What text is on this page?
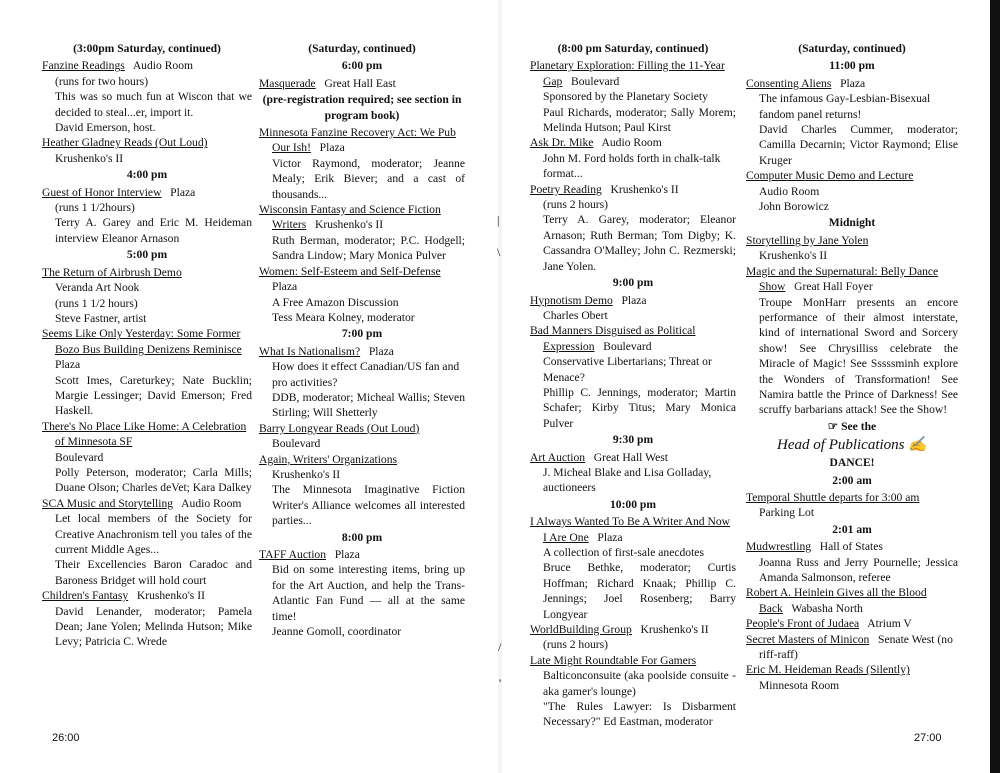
(3:00pm Saturday, continued)
Fanzine Readings Audio Room
(runs for two hours)
This was so much fun at Wiscon that we decided to steal...er, import it.
David Emerson, host.
Heather Gladney Reads (Out Loud)
Krushenko's II
4:00 pm
Guest of Honor Interview Plaza
(runs 1 1/2hours)
Terry A. Garey and Eric M. Heideman interview Eleanor Arnason
5:00 pm
The Return of Airbrush Demo
Veranda Art Nook
(runs 1 1/2 hours)
Steve Fastner, artist
Seems Like Only Yesterday: Some Former Bozo Bus Building Denizens Reminisce   Plaza
Scott Imes, Careturkey; Nate Bucklin; Margie Lessinger; David Emerson; Fred Haskell.
There's No Place Like Home: A Celebration of Minnesota SF
Boulevard
Polly Peterson, moderator; Carla Mills; Duane Olson; Charles deVet; Kara Dalkey
SCA Music and Storytelling Audio Room
Let local members of the Society for Creative Anachronism tell you tales of the current Middle Ages...
Their Excellencies Baron Caradoc and Baroness Bridget will hold court
Children's Fantasy Krushenko's II
David Lenander, moderator; Pamela Dean; Jane Yolen; Melinda Hutson; Mike Levy; Patricia C. Wrede
(Saturday, continued)
6:00 pm
Masquerade Great Hall East
(pre-registration required; see section in program book)
Minnesota Fanzine Recovery Act: We Pub Our Ish! Plaza
Victor Raymond, moderator; Jeanne Mealy; Erik Biever; and a cast of thousands...
Wisconsin Fantasy and Science Fiction Writers Krushenko's II
Ruth Berman, moderator; P.C. Hodgell; Sandra Lindow; Mary Monica Pulver
Women: Self-Esteem and Self-Defense
Plaza
A Free Amazon Discussion
Tess Meara Kolney, moderator
7:00 pm
What Is Nationalism? Plaza
How does it effect Canadian/US fan and pro activities?
DDB, moderator; Micheal Wallis; Steven Stirling; Will Shetterly
Barry Longyear Reads (Out Loud)
Boulevard
Again, Writers' Organizations
Krushenko's II
The Minnesota Imaginative Fiction Writer's Alliance welcomes all interested parties...
8:00 pm
TAFF Auction Plaza
Bid on some interesting items, bring up for the Art Auction, and help the Trans-Atlantic Fan Fund — all at the same time!
Jeanne Gomoll, coordinator
(8:00 pm Saturday, continued)
Planetary Exploration: Filling the 11-Year Gap Boulevard
Sponsored by the Planetary Society
Paul Richards, moderator; Sally Morem; Melinda Hutson; Paul Kirst
Ask Dr. Mike Audio Room
John M. Ford holds forth in chalk-talk format...
Poetry Reading Krushenko's II
(runs 2 hours)
Terry A. Garey, moderator; Eleanor Arnason; Ruth Berman; Tom Digby; K. Cassandra O'Malley; John C. Rezmerski; Jane Yolen.
9:00 pm
Hypnotism Demo Plaza
Charles Obert
Bad Manners Disguised as Political Expression Boulevard
Conservative Libertarians; Threat or Menace?
Phillip C. Jennings, moderator; Martin Schafer; Kirby Titus; Mary Monica Pulver
9:30 pm
Art Auction Great Hall West
J. Micheal Blake and Lisa Golladay, auctioneers
10:00 pm
I Always Wanted To Be A Writer And Now I Are One Plaza
A collection of first-sale anecdotes
Bruce Bethke, moderator; Curtis Hoffman; Richard Knaak; Phillip C. Jennings; Joel Rosenberg; Barry Longyear
WorldBuilding Group Krushenko's II
(runs 2 hours)
Late Might Roundtable For Gamers
Balticonconsuite (aka poolside consuite - aka gamer's lounge)
"The Rules Lawyer: Is Disbarment Necessary?" Ed Eastman, moderator
(Saturday, continued)
11:00 pm
Consenting Aliens Plaza
The infamous Gay-Lesbian-Bisexual fandom panel returns!
David Charles Cummer, moderator; Camilla Decarnin; Victor Raymond; Elise Kruger
Computer Music Demo and Lecture
Audio Room
John Borowicz
Midnight
Storytelling by Jane Yolen
Krushenko's II
Magic and the Supernatural: Belly Dance Show Great Hall Foyer
Troupe MonHarr presents an encore performance of their almost interstate, kind of international Sword and Sorcery show! See Chrysilliss celebrate the Miracle of Magic! See Sssssminh explore the Wonders of Transformation! See Namira battle the Prince of Darkness! See scruffy barbarians attack! See the Show!
☞ See the
Head of Publications ✍
DANCE!
2:00 am
Temporal Shuttle departs for 3:00 am
Parking Lot
2:01 am
Mudwrestling Hall of States
Joanna Russ and Jerry Pournelle; Jessica Amanda Salmonson, referee
Robert A. Heinlein Gives all the Blood Back Wabasha North
People's Front of Judaea Atrium V
Secret Masters of Minicon Senate West (no riff-raff)
Eric M. Heideman Reads (Silently)
Minnesota Room
|
\
/
'
26:00	27:00
